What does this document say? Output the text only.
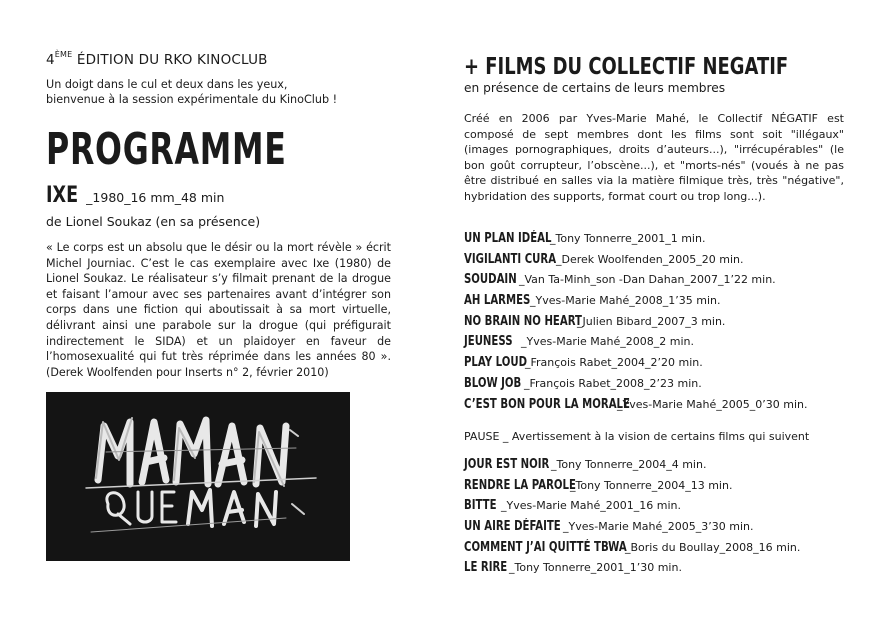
4ÈME ÉDITION DU RKO KINOCLUB
Un doigt dans le cul et deux dans les yeux,
bienvenue à la session expérimentale du KinoClub !
PROGRAMME
IXE _1980_16 mm_48 min
de Lionel Soukaz (en sa présence)
« Le corps est un absolu que le désir ou la mort révèle » écrit Michel Journiac. C’est le cas exemplaire avec Ixe (1980) de Lionel Soukaz. Le réalisateur s’y filmait prenant de la drogue et faisant l’amour avec ses partenaires avant d’intégrer son corps dans une fiction qui aboutissait à sa mort virtuelle, délivrant ainsi une parabole sur la drogue (qui préfigurait indirectement le SIDA) et un plaidoyer en faveur de l’homosexualité qui fut très réprimée dans les années 80 ». (Derek Woolfenden pour Inserts n° 2, février 2010)
+ FILMS DU COLLECTIF NEGATIF
en présence de certains de leurs membres
Créé en 2006 par Yves-Marie Mahé, le Collectif NÉGATIF est composé de sept membres dont les films sont soit "illégaux" (images pornographiques, droits d’auteurs...), "irrécupérables" (le bon goût corrupteur, l’obscène...), et "morts-nés" (voués à ne pas être distribué en salles via la matière filmique très, très "négative", hybridation des supports, format court ou trop long...).
UN PLAN IDÉAL_Tony Tonnerre_2001_1 min.
VIGILANTI CURA_Derek Woolfenden_2005_20 min.
SOUDAIN _Van Ta-Minh_son -Dan Dahan_2007_1’22 min.
AH LARMES_Yves-Marie Mahé_2008_1’35 min.
NO BRAIN NO HEART_Julien Bibard_2007_3 min.
JEUNESS _Yves-Marie Mahé_2008_2 min.
PLAY LOUD_François Rabet_2004_2’20 min.
BLOW JOB _François Rabet_2008_2’23 min.
C’EST BON POUR LA MORALE_Yves-Marie Mahé_2005_0’30 min.
PAUSE _ Avertissement à la vision de certains films qui suivent
JOUR EST NOIR _Tony Tonnerre_2004_4 min.
RENDRE LA PAROLE_Tony Tonnerre_2004_13 min.
BITTE _Yves-Marie Mahé_2001_16 min.
UN AIRE DÉFAITE _Yves-Marie Mahé_2005_3’30 min.
COMMENT J’AI QUITTÉ TBWA_Boris du Boullay_2008_16 min.
LE RIRE _Tony Tonnerre_2001_1’30 min.
